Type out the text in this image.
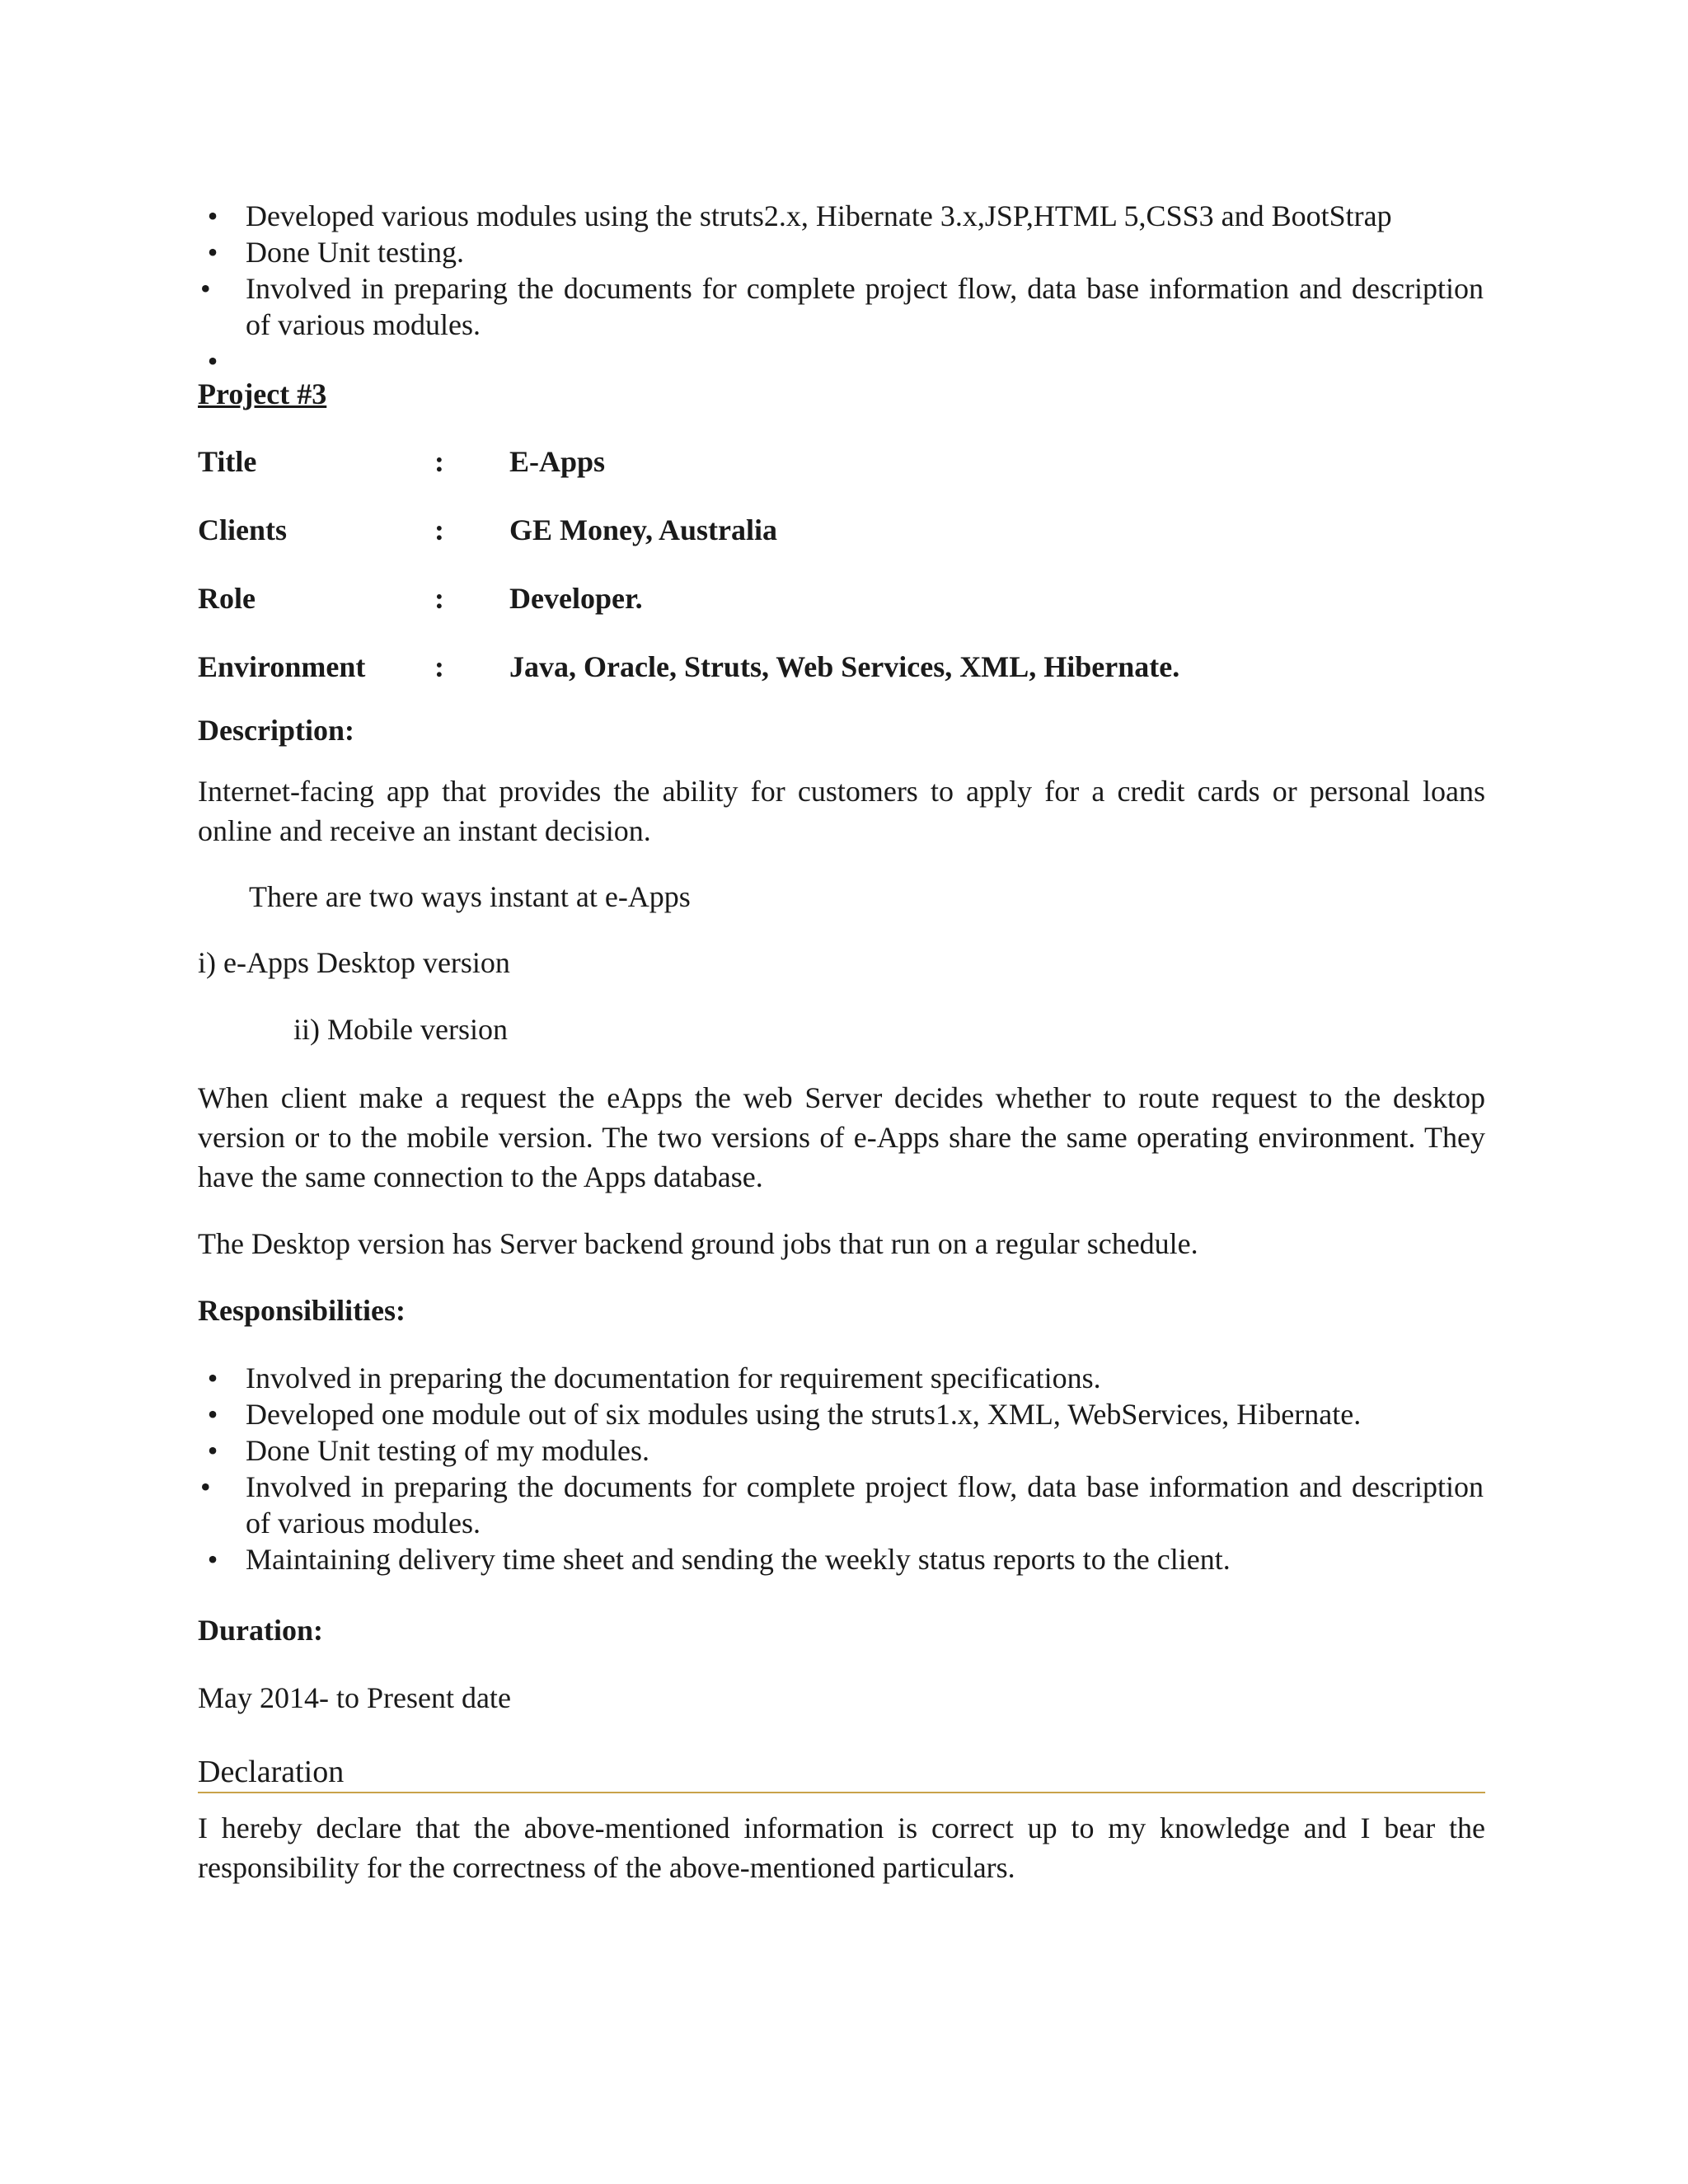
• Developed various modules using the struts2.x, Hibernate 3.x,JSP,HTML 5,CSS3 and BootStrap
• Done Unit testing.
•	Involved in preparing the documents for complete project flow, data base information and description of various modules.
•
Project #3
Title	: E-Apps
Clients	: GE Money, Australia
Role	: Developer.
Environment : Java, Oracle, Struts, Web Services, XML, Hibernate.
Description:

Internet-facing app that provides the ability for customers to apply for a credit cards or personal loans online and receive an instant decision.

There are two ways instant at e-Apps
i) e-Apps Desktop version
ii) Mobile version

When client make a request the eApps the web Server decides whether to route request to the desktop version or to the mobile version. The two versions of e-Apps share the same operating environment. They have the same connection to the Apps database.

The Desktop version has Server backend ground jobs that run on a regular schedule.
Responsibilities:
• Involved in preparing the documentation for requirement specifications.
• Developed one module out of six modules using the struts1.x, XML, WebServices, Hibernate.
• Done Unit testing of my modules.
•	Involved in preparing the documents for complete project flow, data base information and description of various modules.
• Maintaining delivery time sheet and sending the weekly status reports to the client.
Duration:
May 2014- to Present date
Declaration

I hereby declare that the above-mentioned information is correct up to my knowledge and I bear the responsibility for the correctness of the above-mentioned particulars.
